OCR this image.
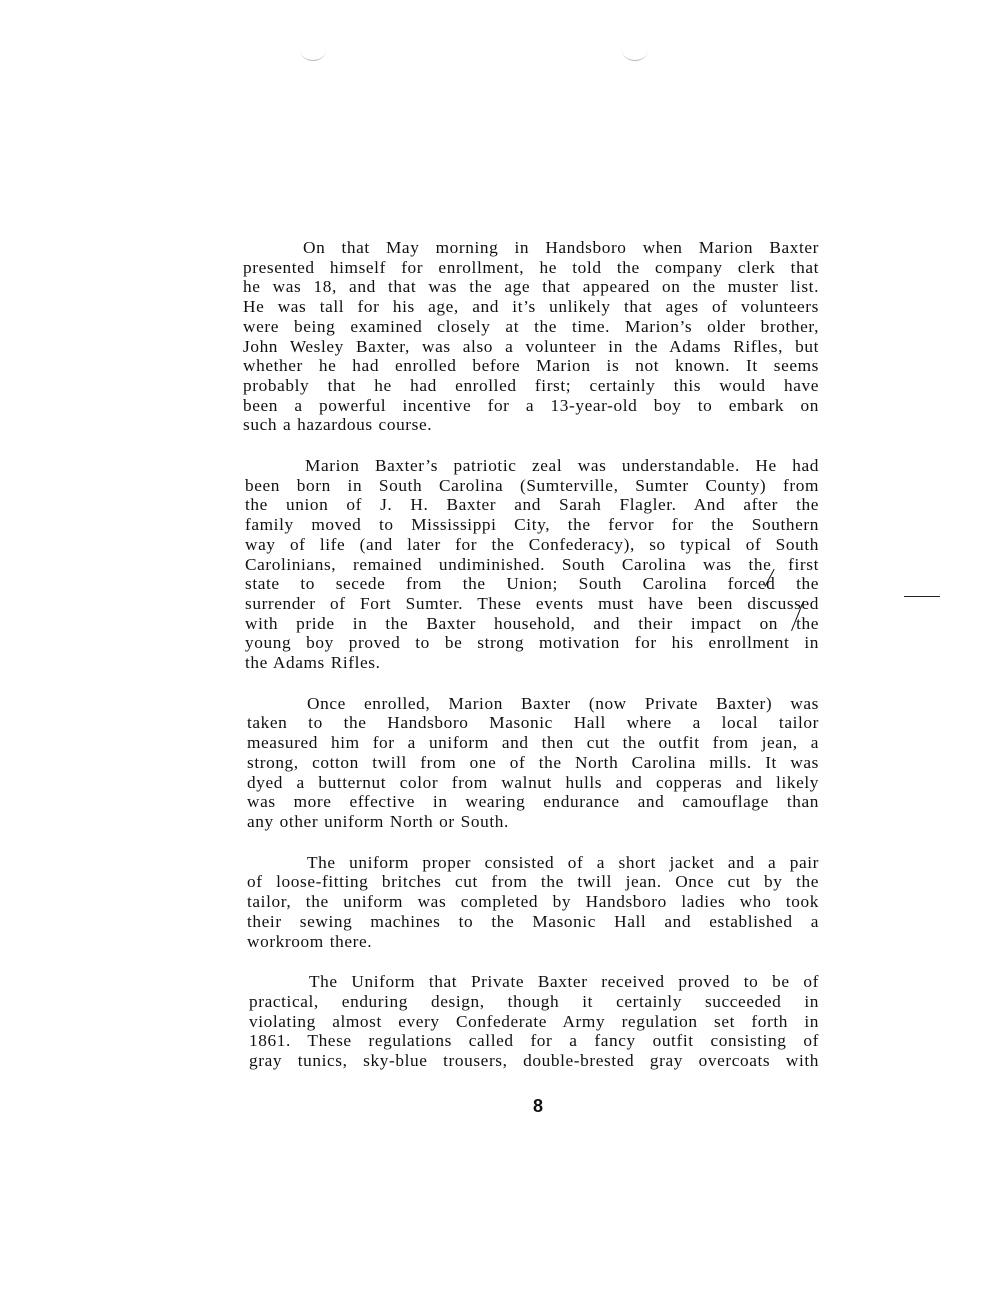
On that May morning in Handsboro when Marion Baxter
presented himself for enrollment, he told the company clerk that
he was 18, and that was the age that appeared on the muster list.
He was tall for his age, and it’s unlikely that ages of volunteers
were being examined closely at the time. Marion’s older brother,
John Wesley Baxter, was also a volunteer in the Adams Rifles, but
whether he had enrolled before Marion is not known. It seems
probably that he had enrolled first; certainly this would have
been a powerful incentive for a 13-year-old boy to embark on
such a hazardous course.
Marion Baxter’s patriotic zeal was understandable. He had
been born in South Carolina (Sumterville, Sumter County) from
the union of J. H. Baxter and Sarah Flagler. And after the
family moved to Mississippi City, the fervor for the Southern
way of life (and later for the Confederacy), so typical of South
Carolinians, remained undiminished. South Carolina was the first
state to secede from the Union; South Carolina forced the
surrender of Fort Sumter. These events must have been discussed
with pride in the Baxter household, and their impact on the
young boy proved to be strong motivation for his enrollment in
the Adams Rifles.
Once enrolled, Marion Baxter (now Private Baxter) was
taken to the Handsboro Masonic Hall where a local tailor
measured him for a uniform and then cut the outfit from jean, a
strong, cotton twill from one of the North Carolina mills. It was
dyed a butternut color from walnut hulls and copperas and likely
was more effective in wearing endurance and camouflage than
any other uniform North or South.
The uniform proper consisted of a short jacket and a pair
of loose-fitting britches cut from the twill jean. Once cut by the
tailor, the uniform was completed by Handsboro ladies who took
their sewing machines to the Masonic Hall and established a
workroom there.
The Uniform that Private Baxter received proved to be of
practical, enduring design, though it certainly succeeded in
violating almost every Confederate Army regulation set forth in
1861. These regulations called for a fancy outfit consisting of
gray tunics, sky-blue trousers, double-brested gray overcoats with
8
